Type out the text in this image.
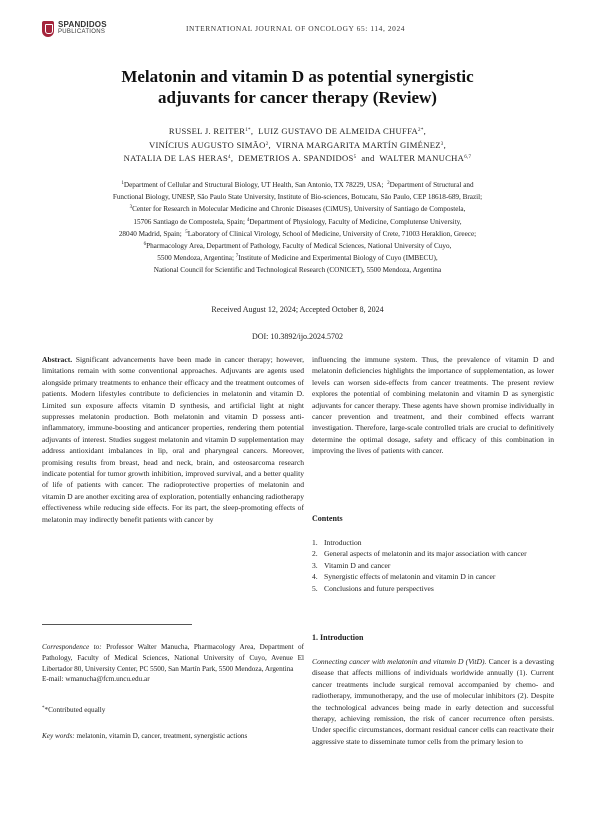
SPANDIDOS
PUBLICATIONS	INTERNATIONAL JOURNAL OF ONCOLOGY 65: 114, 2024
Melatonin and vitamin D as potential synergistic
adjuvants for cancer therapy (Review)
RUSSEL J. $REITER^{1*}$,  LUIZ GUSTAVO DE ALMEIDA $CHUFFA^{2*}$,
VINÍCIUS AUGUSTO SIMÃO$^2$,  VIRNA MARGARITA MARTÍN GIMÉNEZ$^3$,
NATALIA DE LAS HERAS$^4$,  DEMETRIOS A. SPANDIDOS$^5$  and  WALTER MANUCHA$^{6,7}$
$^1$Department of Cellular and Structural Biology, UT Health, San Antonio, TX 78229, USA;  $^2$Department of Structural and
Functional Biology, UNESP, São Paulo State University, Institute of Bio-sciences, Botucatu, São Paulo, CEP 18618-689, Brazil;
$^3$Center for Research in Molecular Medicine and Chronic Diseases (CiMUS), University of Santiago de Compostela,
15706 Santiago de Compostela, Spain; $^4$Department of Physiology, Faculty of Medicine, Complutense University,
28040 Madrid, Spain;  $^5$Laboratory of Clinical Virology, School of Medicine, University of Crete, 71003 Heraklion, Greece;
$^6$Pharmacology Area, Department of Pathology, Faculty of Medical Sciences, National University of Cuyo,
5500 Mendoza, Argentina; $^7$Institute of Medicine and Experimental Biology of Cuyo (IMBECU),
National Council for Scientific and Technological Research (CONICET), 5500 Mendoza, Argentina
Received August 12, 2024; Accepted October 8, 2024
DOI: 10.3892/ijo.2024.5702
Abstract. Significant advancements have been made in cancer therapy; however, limitations remain with some conventional approaches. Adjuvants are agents used alongside primary treatments to enhance their efficacy and the treatment outcomes of patients. Modern lifestyles contribute to deficiencies in melatonin and vitamin D. Limited sun exposure affects vitamin D synthesis, and artificial light at night suppresses melatonin production. Both melatonin and vitamin D possess anti-inflammatory, immune-boosting and anticancer properties, rendering them potential adjuvants of interest. Studies suggest melatonin and vitamin D supplementation may address antioxidant imbalances in lip, oral and pharyngeal cancers. Moreover, promising results from breast, head and neck, brain, and osteosarcoma research indicate potential for tumor growth inhibition, improved survival, and a better quality of life of patients with cancer. The radioprotective properties of melatonin and vitamin D are another exciting area of exploration, potentially enhancing radiotherapy effectiveness while reducing side effects. For its part, the sleep-promoting effects of melatonin may indirectly benefit patients with cancer by
influencing the immune system. Thus, the prevalence of vitamin D and melatonin deficiencies highlights the importance of supplementation, as lower levels can worsen side-effects from cancer treatments. The present review explores the potential of combining melatonin and vitamin D as synergistic adjuvants for cancer therapy. These agents have shown promise individually in cancer prevention and treatment, and their combined effects warrant investigation. Therefore, large-scale controlled trials are crucial to definitively determine the optimal dosage, safety and efficacy of this combination in improving the lives of patients with cancer.
Contents
1. Introduction
2. General aspects of melatonin and its major association with cancer
3. Vitamin D and cancer
4. Synergistic effects of melatonin and vitamin D in cancer
5. Conclusions and future perspectives
Correspondence to: Professor Walter Manucha, Pharmacology Area, Department of Pathology, Faculty of Medical Sciences, National University of Cuyo, Avenue El Libertador 80, University Center, PC 5500, San Martín Park, 5500 Mendoza, Argentina
E-mail: wmanucha@fcm.uncu.edu.ar
**Contributed equally
Key words: melatonin, vitamin D, cancer, treatment, synergistic actions
1. Introduction
Connecting cancer with melatonin and vitamin D (VitD). Cancer is a devasting disease that affects millions of individuals worldwide annually (1). Current cancer treatments include surgical removal accompanied by chemo- and radiotherapy, immunotherapy, and the use of molecular inhibitors (2). Despite the technological advances being made in early detection and successful therapy, achieving remission, the risk of cancer recurrence often persists. Under specific circumstances, dormant residual cancer cells can reactivate their aggressive state to disseminate tumor cells from the primary lesion to
